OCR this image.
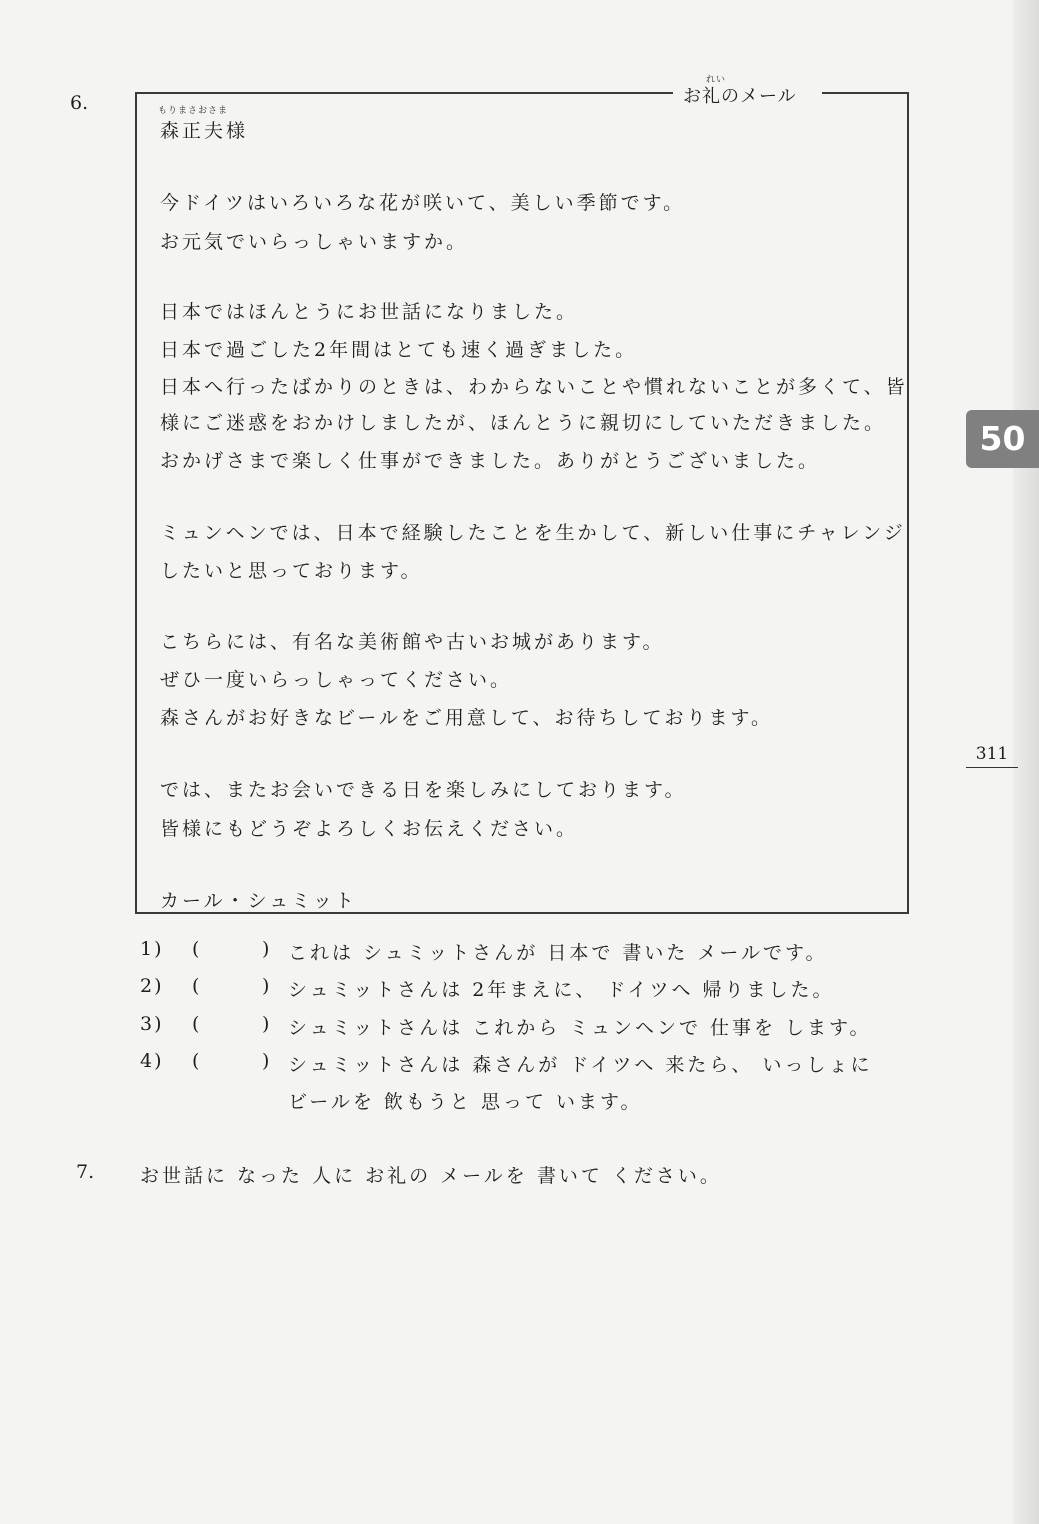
6.
れい
お礼のメール
もりまさおさま
森正夫様
今ドイツはいろいろな花が咲いて、美しい季節です。
お元気でいらっしゃいますか。
日本ではほんとうにお世話になりました。
日本で過ごした2年間はとても速く過ぎました。
日本へ行ったばかりのときは、わからないことや慣れないことが多くて、皆
様にご迷惑をおかけしましたが、ほんとうに親切にしていただきました。
おかげさまで楽しく仕事ができました。ありがとうございました。
ミュンヘンでは、日本で経験したことを生かして、新しい仕事にチャレンジ
したいと思っております。
こちらには、有名な美術館や古いお城があります。
ぜひ一度いらっしゃってください。
森さんがお好きなビールをご用意して、お待ちしております。
では、またお会いできる日を楽しみにしております。
皆様にもどうぞよろしくお伝えください。
カール・シュミット
1) (	) これは シュミットさんが 日本で 書いた メールです。
2) (	) シュミットさんは 2年まえに、 ドイツへ 帰りました。
3) (	) シュミットさんは これから ミュンヘンで 仕事を します。
4) (	) シュミットさんは 森さんが ドイツへ 来たら、 いっしょに
ビールを 飲もうと 思って います。
7. お世話に なった 人に お礼の メールを 書いて ください。
50
311
